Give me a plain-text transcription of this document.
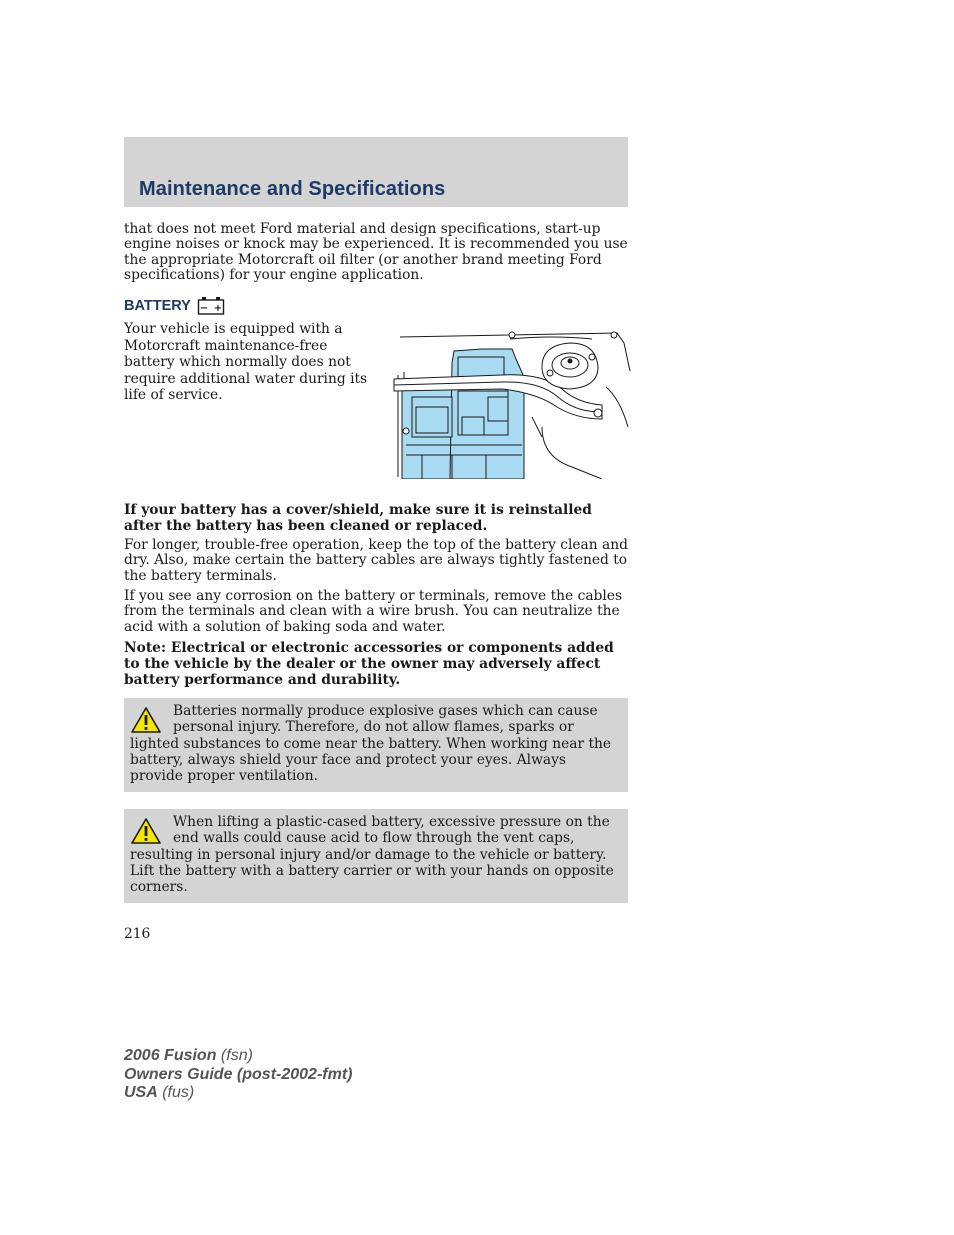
Maintenance and Specifications

that does not meet Ford material and design specifications, start-up engine noises or knock may be experienced. It is recommended you use the appropriate Motorcraft oil filter (or another brand meeting Ford specifications) for your engine application.

BATTERY − +

Your vehicle is equipped with a Motorcraft maintenance-free battery which normally does not require additional water during its life of service.

If your battery has a cover/shield, make sure it is reinstalled after the battery has been cleaned or replaced.

For longer, trouble-free operation, keep the top of the battery clean and dry. Also, make certain the battery cables are always tightly fastened to the battery terminals.

If you see any corrosion on the battery or terminals, remove the cables from the terminals and clean with a wire brush. You can neutralize the acid with a solution of baking soda and water.

Note: Electrical or electronic accessories or components added to the vehicle by the dealer or the owner may adversely affect battery performance and durability.

Batteries normally produce explosive gases which can cause personal injury. Therefore, do not allow flames, sparks or lighted substances to come near the battery. When working near the battery, always shield your face and protect your eyes. Always provide proper ventilation.

When lifting a plastic-cased battery, excessive pressure on the end walls could cause acid to flow through the vent caps, resulting in personal injury and/or damage to the vehicle or battery. Lift the battery with a battery carrier or with your hands on opposite corners.

216

2006 Fusion (fsn)
Owners Guide (post-2002-fmt)
USA (fus)
